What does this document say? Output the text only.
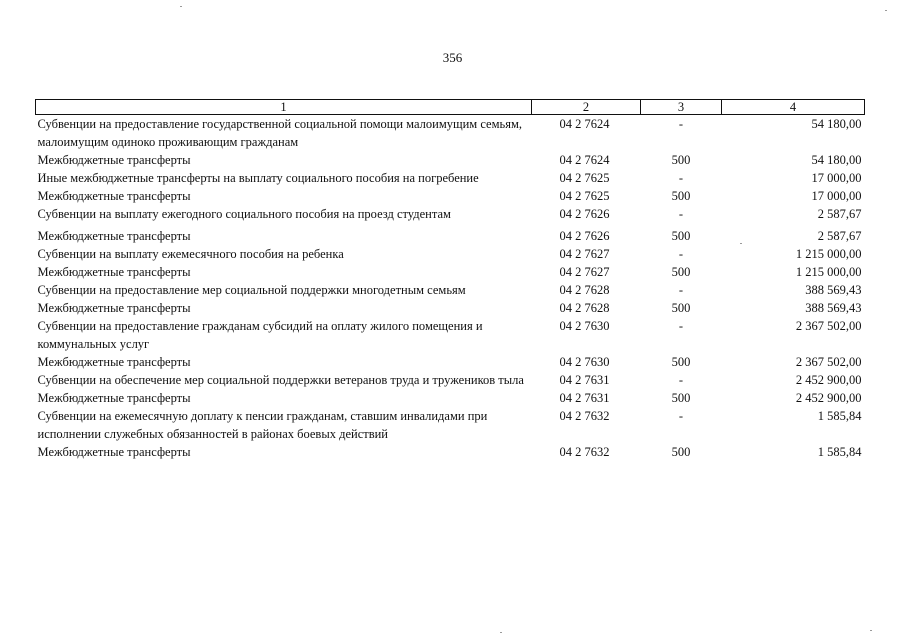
356
1	2	3	4
Субвенции на предоставление государственной социальной помощи малоимущим семьям, малоимущим одиноко проживающим гражданам	04 2 7624	-	54 180,00
Межбюджетные трансферты	04 2 7624	500	54 180,00
Иные межбюджетные трансферты на выплату социального пособия на погребение	04 2 7625	-	17 000,00
Межбюджетные трансферты	04 2 7625	500	17 000,00
Субвенции на выплату ежегодного социального пособия на проезд студентам	04 2 7626	-	2 587,67
Межбюджетные трансферты	04 2 7626	500	2 587,67
Субвенции на выплату ежемесячного пособия на ребенка	04 2 7627	-	1 215 000,00
Межбюджетные трансферты	04 2 7627	500	1 215 000,00
Субвенции на предоставление мер социальной поддержки многодетным семьям	04 2 7628	-	388 569,43
Межбюджетные трансферты	04 2 7628	500	388 569,43
Субвенции на предоставление гражданам субсидий на оплату жилого помещения и коммунальных услуг	04 2 7630	-	2 367 502,00
Межбюджетные трансферты	04 2 7630	500	2 367 502,00
Субвенции на обеспечение мер социальной поддержки ветеранов труда и тружеников тыла	04 2 7631	-	2 452 900,00
Межбюджетные трансферты	04 2 7631	500	2 452 900,00
Субвенции на ежемесячную доплату к пенсии гражданам, ставшим инвалидами при исполнении служебных обязанностей в районах боевых действий	04 2 7632	-	1 585,84
Межбюджетные трансферты	04 2 7632	500	1 585,84
